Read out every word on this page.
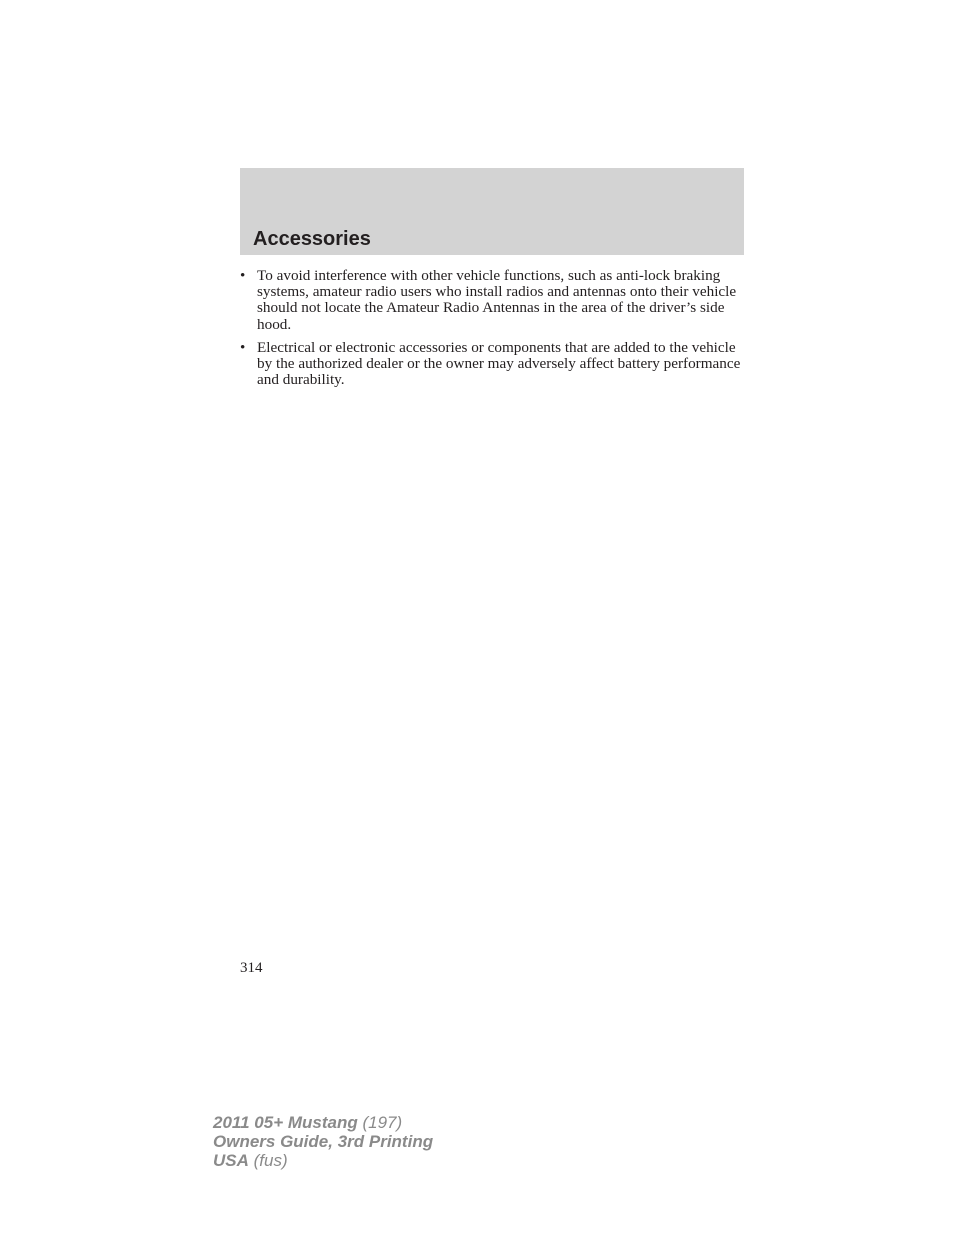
Accessories
• To avoid interference with other vehicle functions, such as anti-lock braking systems, amateur radio users who install radios and antennas onto their vehicle should not locate the Amateur Radio Antennas in the area of the driver’s side hood.
• Electrical or electronic accessories or components that are added to the vehicle by the authorized dealer or the owner may adversely affect battery performance and durability.
314
2011 05+ Mustang (197)
Owners Guide, 3rd Printing
USA (fus)
